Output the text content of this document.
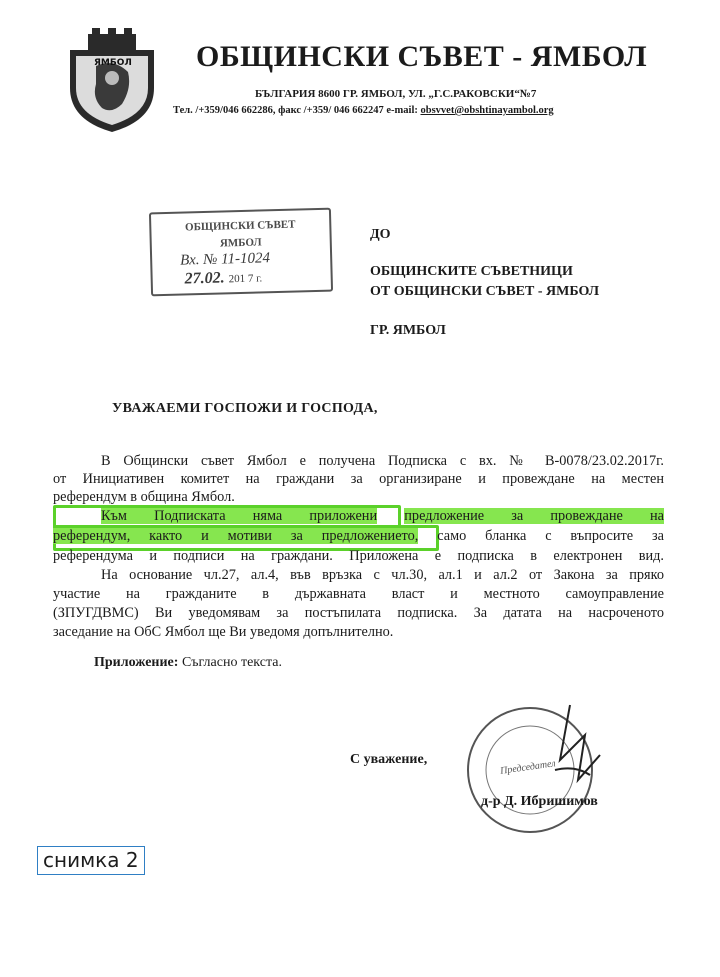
ЯМБОЛ ОБЩИНСКИ СЪВЕТ - ЯМБОЛ
БЪЛГАРИЯ 8600 ГР. ЯМБОЛ, УЛ. „Г.С.РАКОВСКИ“№7
Тел. /+359/046 662286, факс /+359/ 046 662247 e-mail: obsvvet@obshtinayambol.org
ОБЩИНСКИ СЪВЕТ
ЯМБОЛ
Вх. № 11-1024
27.02. 201 7 г.
ДО
ОБЩИНСКИТЕ СЪВЕТНИЦИ
ОТ ОБЩИНСКИ СЪВЕТ - ЯМБОЛ
ГР. ЯМБОЛ
УВАЖАЕМИ ГОСПОЖИ И ГОСПОДА,
В Общински съвет Ямбол е получена Подписка с вх. № В-0078/23.02.2017г.
от Инициативен комитет на граждани за организиране и провеждане на местен
референдум в община Ямбол.
Към Подписката няма приложени предложение за провеждане на
референдум, както и мотиви за предложението, само бланка с въпросите за
референдума и подписи на граждани. Приложена е подписка в електронен вид.
На основание чл.27, ал.4, във връзка с чл.30, ал.1 и ал.2 от Закона за пряко
участие на гражданите в държавната власт и местното самоуправление
(ЗПУГДВМС) Ви уведомявам за постъпилата подписка. За датата на насроченото
заседание на ОбС Ямбол ще Ви уведомя допълнително.
Приложение: Съгласно текста.
Председател
С уважение,
д-р Д. Ибришимов
снимка 2
